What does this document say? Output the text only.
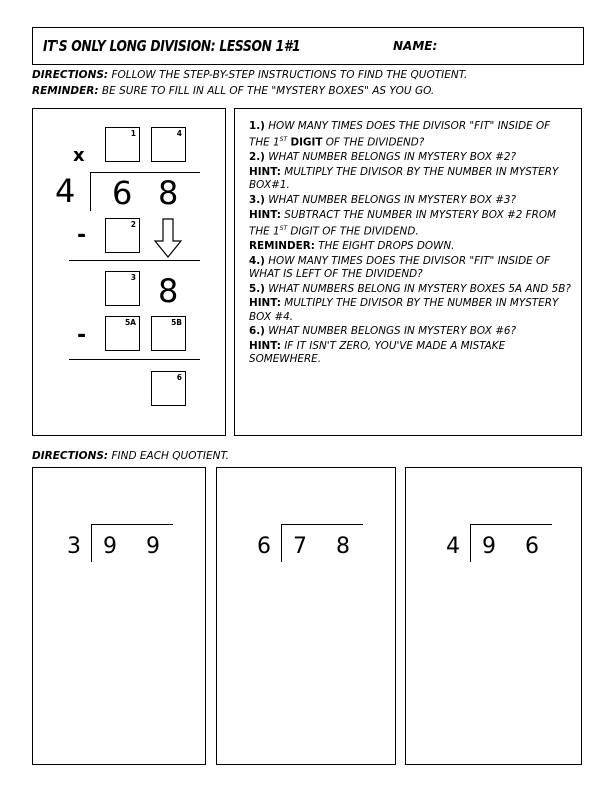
IT'S ONLY LONG DIVISION: LESSON 1#1	NAME:
DIRECTIONS: FOLLOW THE STEP-BY-STEP INSTRUCTIONS TO FIND THE QUOTIENT.
REMINDER: BE SURE TO FILL IN ALL OF THE "MYSTERY BOXES" AS YOU GO.
1	4
x
4 6 8
-	2
3 8
-
5A	5B
6

1.) HOW MANY TIMES DOES THE DIVISOR "FIT" INSIDE OF THE 1ST DIGIT OF THE DIVIDEND?

2.) WHAT NUMBER BELONGS IN MYSTERY BOX #2?

HINT: MULTIPLY THE DIVISOR BY THE NUMBER IN MYSTERY BOX#1.

3.) WHAT NUMBER BELONGS IN MYSTERY BOX #3?

HINT: SUBTRACT THE NUMBER IN MYSTERY BOX #2 FROM THE 1ST DIGIT OF THE DIVIDEND.

REMINDER: THE EIGHT DROPS DOWN.

4.) HOW MANY TIMES DOES THE DIVISOR "FIT" INSIDE OF WHAT IS LEFT OF THE DIVIDEND?

5.) WHAT NUMBERS BELONG IN MYSTERY BOXES 5A AND 5B?

HINT: MULTIPLY THE DIVISOR BY THE NUMBER IN MYSTERY BOX #4.

6.) WHAT NUMBER BELONGS IN MYSTERY BOX #6?

HINT: IF IT ISN'T ZERO, YOU'VE MADE A MISTAKE SOMEWHERE.

DIRECTIONS: FIND EACH QUOTIENT.
3 9 9	6 7 8	4 9 6
